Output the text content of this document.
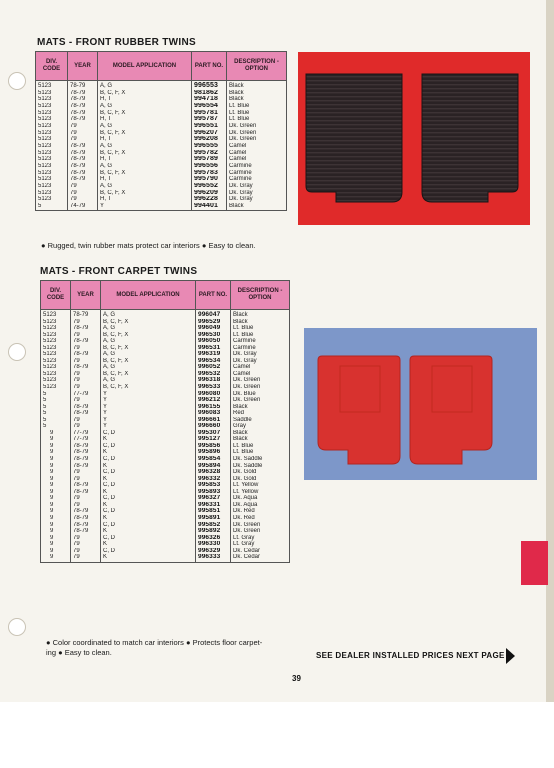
MATS - FRONT RUBBER TWINS
DIV. CODE	YEAR	MODEL APPLICATION	PART NO.	DESCRIPTION - OPTION
5123	78-79	A, G	996553	Black
5123	78-79	B, C, F, X	981862	Black
5123	78-79	H, T	994718	Black
5123	78-79	A, G	996554	Lt. Blue
5123	78-79	B, C, F, X	995781	Lt. Blue
5123	78-79	H, T	995787	Lt. Blue
5123	79	A, G	996551	Dk. Green
5123	79	B, C, F, X	996207	Dk. Green
5123	79	H, T	996208	Dk. Green
5123	78-79	A, G	996555	Camel
5123	78-79	B, C, F, X	995782	Camel
5123	78-79	H, T	995789	Camel
5123	78-79	A, G	996556	Carmine
5123	78-79	B, C, F, X	995783	Carmine
5123	78-79	H, T	995790	Carmine
5123	79	A, G	996552	Dk. Gray
5123	79	B, C, F, X	996209	Dk. Gray
5123	79	H, T	996228	Dk. Gray
5	74-79	Y	994401	Black
● Rugged, twin rubber mats protect car interiors ● Easy to clean.
MATS - FRONT CARPET TWINS
DIV. CODE	YEAR	MODEL APPLICATION	PART NO.	DESCRIPTION - OPTION
5123	78-79	A, G	996047	Black
5123	79	B, C, F, X	996529	Black
5123	78-79	A, G	996049	Lt. Blue
5123	79	B, C, F, X	996530	Lt. Blue
5123	78-79	A, G	996050	Carmine
5123	79	B, C, F, X	996531	Carmine
5123	78-79	A, G	996319	Dk. Gray
5123	79	B, C, F, X	996534	Dk. Gray
5123	78-79	A, G	996052	Camel
5123	79	B, C, F, X	996532	Camel
5123	79	A, G	996318	Dk. Green
5123	79	B, C, F, X	996533	Dk. Green
5	77-79	Y	996080	Dk. Blue
5	79	Y	996212	Dk. Green
5	78-79	Y	996155	Black
5	78-79	Y	996083	Red
5	79	Y	996661	Saddle
5	79	Y	996660	Gray
9	77-79	C, D	995307	Black
9	77-79	K	995127	Black
9	78-79	C, D	995856	Lt. Blue
9	78-79	K	995896	Lt. Blue
9	78-79	C, D	995854	Dk. Saddle
9	78-79	K	995894	Dk. Saddle
9	79	C, D	996328	Dk. Gold
9	79	K	996332	Dk. Gold
9	78-79	C, D	995853	Lt. Yellow
9	78-79	K	995893	Lt. Yellow
9	79	C, D	996327	Dk. Aqua
9	79	K	996331	Dk. Aqua
9	78-79	C, D	995851	Dk. Red
9	78-79	K	995891	Dk. Red
9	78-79	C, D	995852	Dk. Green
9	78-79	K	995892	Dk. Green
9	79	C, D	996326	Lt. Gray
9	79	K	996330	Lt. Gray
9	79	C, D	996329	Dk. Cedar
9	79	K	996333	Dk. Cedar
● Color coordinated to match car interiors ● Protects floor carpet-
ing ● Easy to clean.	SEE DEALER INSTALLED PRICES NEXT PAGE
39
